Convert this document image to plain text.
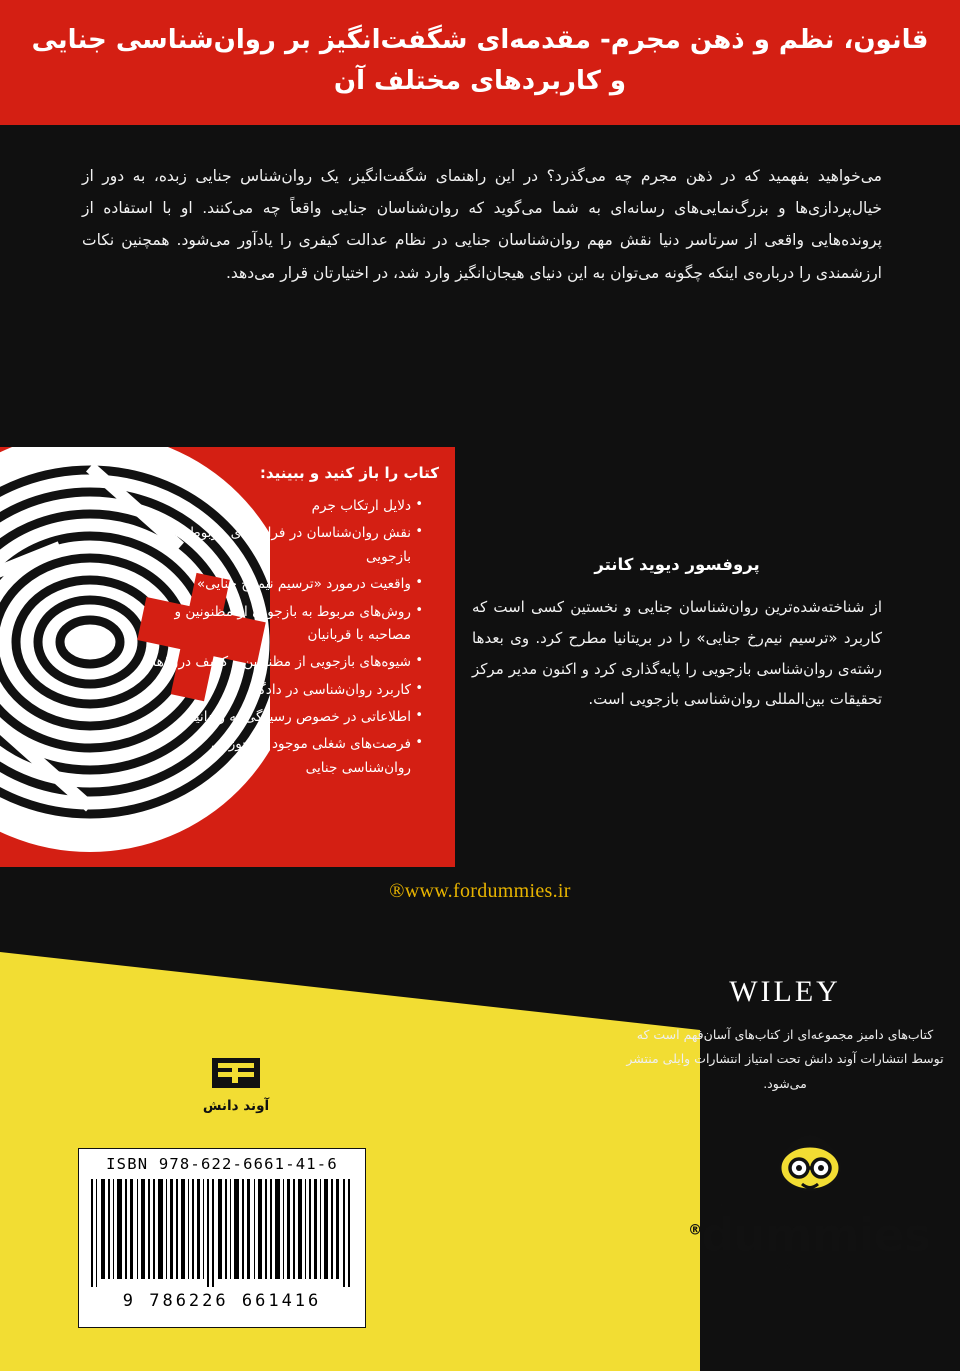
قانون، نظم و ذهن مجرم- مقدمه‌ای شگفت‌انگیز بر روان‌شناسی جنایی و کاربردهای مختلف آن
می‌خواهید بفهمید که در ذهن مجرم چه می‌گذرد؟ در این راهنمای شگفت‌انگیز، یک روان‌شناس جنایی زبده، به دور از خیال‌پردازی‌ها و بزرگ‌نمایی‌های رسانه‌ای به شما می‌گوید که روان‌شناسان جنایی واقعاً چه می‌کنند. او با استفاده از پرونده‌هایی واقعی از سرتاسر دنیا نقش مهم روان‌شناسان جنایی در نظام عدالت کیفری را یادآور می‌شود. همچنین نکات ارزشمندی را درباره‌ی اینکه چگونه می‌توان به این دنیای هیجان‌انگیز وارد شد، در اختیارتان قرار می‌دهد.
کتاب را باز کنید و ببینید:
• دلایل ارتکاب جرم
• نقش روان‌شناسان در فرایندهای مربوط به بازجویی
• واقعیت درمورد «ترسیم نیم‌رخ جنایی»
• روش‌های مربوط به بازجویی از مظنونین و مصاحبه با قربانیان
• شیوه‌های بازجویی از مظنونین و کشف دروغ‌ها
• کاربرد روان‌شناسی در دادگاه
• اطلاعاتی در خصوص رسیدگی به زندانیان
• فرصت‌های شغلی موجود در حوزه‌ی روان‌شناسی جنایی
پروفسور دیوید کانتر
از شناخته‌شده‌ترین روان‌شناسان جنایی و نخستین کسی است که کاربرد «ترسیم نیم‌رخ جنایی» را در بریتانیا مطرح کرد. وی بعدها رشته‌ی روان‌شناسی بازجویی را پایه‌گذاری کرد و اکنون مدیر مرکز تحقیقات بین‌المللی روان‌شناسی بازجویی است.
www.fordummies.ir®
WILEY
کتاب‌های دامیز مجموعه‌ای از کتاب‌های آسان‌فهم است که توسط انتشارات آوند دانش تحت امتیاز انتشارات وایلی منتشر می‌شود.
for
dummies®
A Wiley Brand
آوند دانش
ISBN 978-622-6661-41-6
9 786226 661416
